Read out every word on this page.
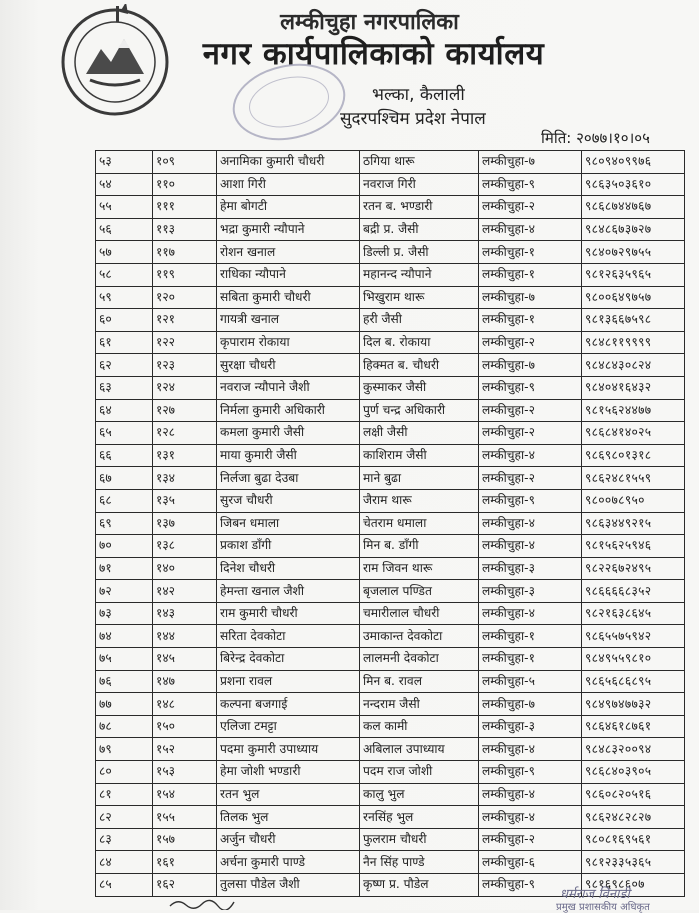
लम्कीचुहा नगरपालिका
नगर कार्यपालिकाको कार्यालय
भल्का, कैलाली
सुदरपश्चिम प्रदेश नेपाल
मिति: २०७७।१०।०५
५३	१०९	अनामिका कुमारी चौधरी	ठगिया थारू	लम्कीचुहा-७	९८०९४०९९७६
५४	११०	आशा गिरी	नवराज गिरी	लम्कीचुहा-९	९८६३५०३६१०
५५	१११	हेमा बोगटी	रतन ब. भण्डारी	लम्कीचुहा-२	९८६८७४४७६७
५६	११३	भद्रा कुमारी न्यौपाने	बद्री प्र. जैसी	लम्कीचुहा-४	९८४८६७३७२७
५७	११७	रोशन खनाल	डिल्ली प्र. जैसी	लम्कीचुहा-१	९८४०७२९७५५
५८	११९	राधिका न्यौपाने	महानन्द न्यौपाने	लम्कीचुहा-१	९८१२६३५९६५
५९	१२०	सबिता कुमारी चौधरी	भिखुराम थारू	लम्कीचुहा-७	९८००६४९७५७
६०	१२१	गायत्री खनाल	हरी जैसी	लम्कीचुहा-१	९८१३६६७५९८
६१	१२२	कृपाराम रोकाया	दिल ब. रोकाया	लम्कीचुहा-२	९८४८११९९९९
६२	१२३	सुरक्षा चौधरी	हिक्मत ब. चौधरी	लम्कीचुहा-७	९८४८४३०८२४
६३	१२४	नवराज न्यौपाने जैशी	कुस्माकर जैसी	लम्कीचुहा-९	९८४०४१६४३२
६४	१२७	निर्मला कुमारी अधिकारी	पुर्ण चन्द्र अधिकारी	लम्कीचुहा-२	९८१५६२४४७७
६५	१२८	कमला कुमारी जैसी	लक्षी जैसी	लम्कीचुहा-२	९८६८४१४०२५
६६	१३१	माया कुमारी जैसी	काशिराम जैसी	लम्कीचुहा-४	९८६९८०१३१८
६७	१३४	निर्लजा बुढा देउबा	माने बुढा	लम्कीचुहा-२	९८६२४८१५५९
६८	१३५	सुरज चौधरी	जैराम थारू	लम्कीचुहा-९	९८००७८९५०
६९	१३७	जिबन धमाला	चेतराम धमाला	लम्कीचुहा-४	९८६३४४९२१५
७०	१३८	प्रकाश डाँगी	मिन ब. डाँगी	लम्कीचुहा-४	९८१५६२५९४६
७१	१४०	दिनेश चौधरी	राम जिवन थारू	लम्कीचुहा-३	९८२२६७२४९५
७२	१४२	हेमन्ता खनाल जैशी	बृजलाल पण्डित	लम्कीचुहा-३	९८६६६६८३५२
७३	१४३	राम कुमारी चौधरी	चमारीलाल चौधरी	लम्कीचुहा-४	९८२१६३८६४५
७४	१४४	सरिता देवकोटा	उमाकान्त देवकोटा	लम्कीचुहा-१	९८६५५७५९४२
७५	१४५	बिरेन्द्र देवकोटा	लालमनी देवकोटा	लम्कीचुहा-१	९८४९५५९८१०
७६	१४७	प्रशना रावल	मिन ब. रावल	लम्कीचुहा-५	९८६५६८६८९५
७७	१४८	कल्पना बजगाई	नन्दराम जैसी	लम्कीचुहा-७	९८४९७४७७३२
७८	१५०	एलिजा टमट्टा	कल कामी	लम्कीचुहा-३	९८६४६१८७६१
७९	१५२	पदमा कुमारी उपाध्याय	अबिलाल उपाध्याय	लम्कीचुहा-४	९८४८३२००९४
८०	१५३	हेमा जोशी भण्डारी	पदम राज जोशी	लम्कीचुहा-९	९८६८४०३९०५
८१	१५४	रतन भुल	कालु भुल	लम्कीचुहा-४	९८६०८२०५१६
८२	१५५	तिलक भुल	रनसिंह भुल	लम्कीचुहा-४	९८६२४८२८२७
८३	१५७	अर्जुन चौधरी	फुलराम चौधरी	लम्कीचुहा-२	९८०८१६९५६१
८४	१६१	अर्चना कुमारी पाण्डे	नैन सिंह पाण्डे	लम्कीचुहा-६	९८१२३३५३६५
८५	१६२	तुलसा पौडेल जैशी	कृष्ण प्र. पौडेल	लम्कीचुहा-९	९८१६९८६०७
धर्मराज विनाडी
प्रमुख प्रशासकीय अधिकृत
